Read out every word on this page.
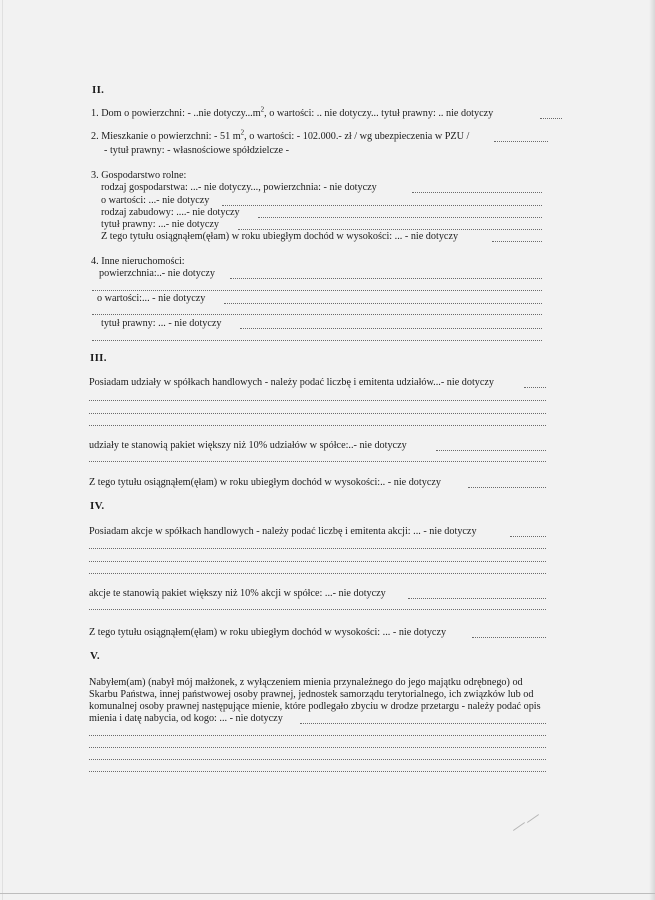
II.
1. Dom o powierzchni: - ..nie $dotyczy...m^2$, o wartości: .. nie dotyczy... tytuł prawny: .. nie dotyczy
2. Mieszkanie o powierzchni: - 51 $m^2$, o wartości: - 102.000.- zł / wg ubezpieczenia w PZU /
- tytuł prawny: - własnościowe spółdzielcze -
3. Gospodarstwo rolne:
rodzaj gospodarstwa: ...- nie dotyczy..., powierzchnia: - nie dotyczy
o wartości: ...- nie dotyczy
rodzaj zabudowy: ....- nie dotyczy
tytuł prawny: ...- nie dotyczy
Z tego tytułu osiągnąłem(ęłam) w roku ubiegłym dochód w wysokości: ... - nie dotyczy
4. Inne nieruchomości:
powierzchnia:..- nie dotyczy
o wartości:... - nie dotyczy
tytuł prawny: ... - nie dotyczy
III.
Posiadam udziały w spółkach handlowych - należy podać liczbę i emitenta udziałów...- nie dotyczy
udziały te stanowią pakiet większy niż 10% udziałów w spółce:..- nie dotyczy
Z tego tytułu osiągnąłem(ęłam) w roku ubiegłym dochód w wysokości:.. - nie dotyczy
IV.
Posiadam akcje w spółkach handlowych - należy podać liczbę i emitenta akcji: ... - nie dotyczy
akcje te stanowią pakiet większy niż 10% akcji w spółce: ...- nie dotyczy
Z tego tytułu osiągnąłem(ęłam) w roku ubiegłym dochód w wysokości: ... - nie dotyczy
V.
Nabyłem(am) (nabył mój małżonek, z wyłączeniem mienia przynależnego do jego majątku odrębnego) od
Skarbu Państwa, innej państwowej osoby prawnej, jednostek samorządu terytorialnego, ich związków lub od
komunalnej osoby prawnej następujące mienie, które podlegało zbyciu w drodze przetargu - należy podać opis
mienia i datę nabycia, od kogo: ... - nie dotyczy
